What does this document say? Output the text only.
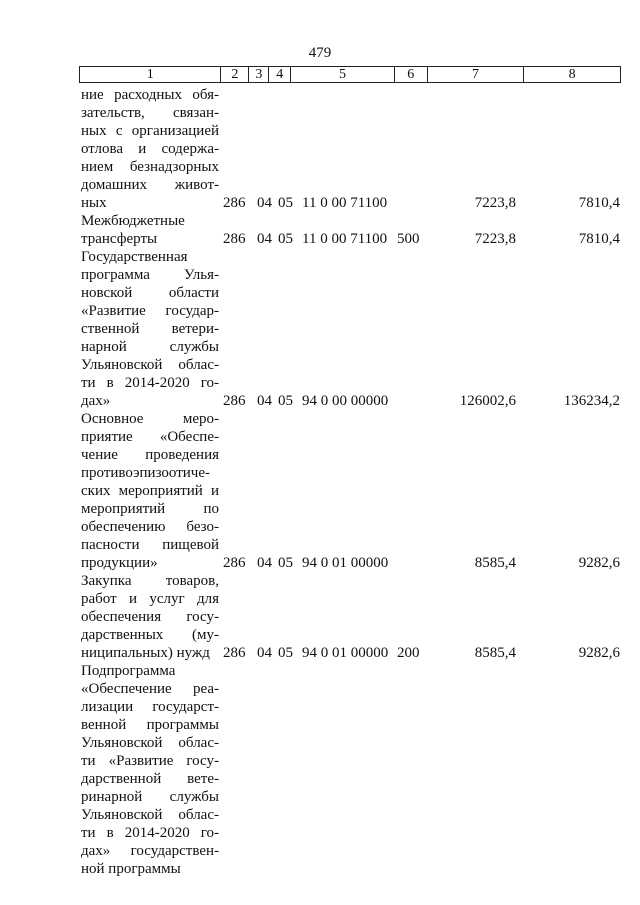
479
1	2	3 4	5	6	7	8
ние расходных обя-
зательств, связан-
ных с организацией
отлова и содержа-
нием безнадзорных
домашних живот-
ных	286 04 05 11 0 00 71100	7223,8	7810,4
Межбюджетные
трансферты	286 04 05 11 0 00 71100 500	7223,8	7810,4
Государственная
программа Улья-
новской области
«Развитие государ-
ственной ветери-
нарной службы
Ульяновской облас-
ти в 2014-2020 го-
дах»	286 04 05 94 0 00 00000	126002,6	136234,2
Основное меро-
приятие «Обеспе-
чение проведения
противоэпизоотичe-
ских мероприятий и
мероприятий по
обеспечению безо-
пасности пищевой
продукции»	286 04 05 94 0 01 00000	8585,4	9282,6
Закупка товаров,
работ и услуг для
обеспечения госу-
дарственных (му-
ниципальных) нужд 286 04 05 94 0 01 00000 200	8585,4	9282,6
Подпрограмма
«Обеспечение реа-
лизации государст-
венной программы
Ульяновской облас-
ти «Развитие госу-
дарственной вете-
ринарной службы
Ульяновской облас-
ти в 2014-2020 го-
дах» государствен-
ной программы
